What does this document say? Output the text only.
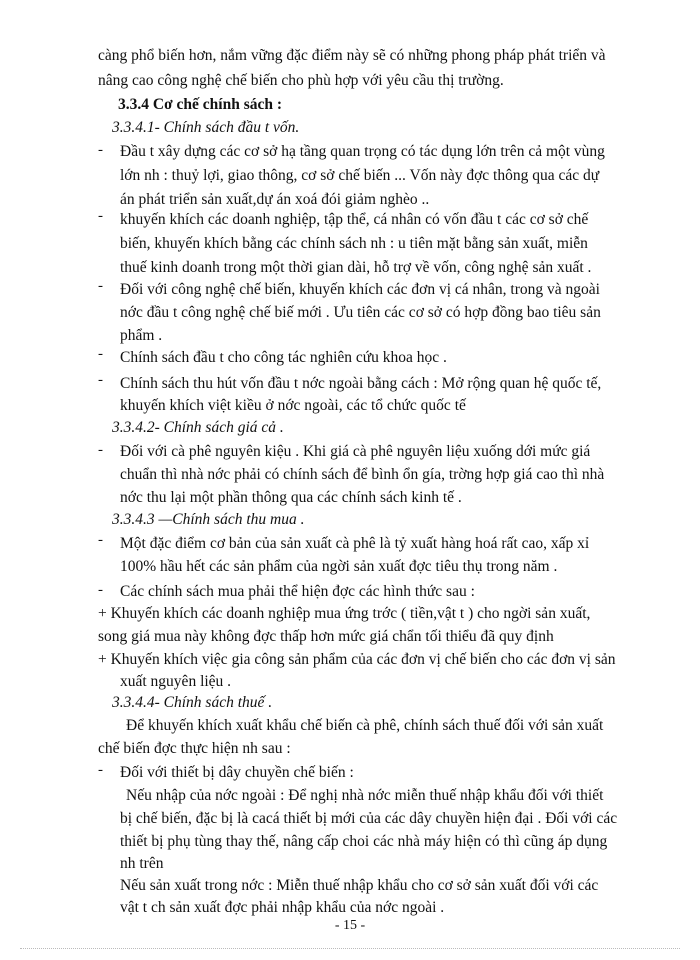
càng phổ biến hơn, nắm vững đặc điểm này sẽ có những phong pháp phát triển và
nâng cao công nghệ chế biến cho phù hợp với yêu cầu thị trường.
3.3.4 Cơ chế chính sách :
3.3.4.1- Chính sách đầu t vốn.
- Đầu t xây dựng các cơ sở hạ tầng quan trọng có tác dụng lớn trên cả một vùng
lớn nh : thuỷ lợi, giao thông, cơ sở chế biến ... Vốn này đợc thông qua các dự
án phát triển sản xuất,dự án xoá đói giảm nghèo ..
- khuyến khích các doanh nghiệp, tập thể, cá nhân có vốn đầu t các cơ sở chế
biến, khuyến khích bằng các chính sách nh : u tiên mặt bằng sản xuất, miễn
thuế kinh doanh trong một thời gian dài, hỗ trợ về vốn, công nghệ sản xuất .
- Đối với công nghệ chế biến, khuyến khích các đơn vị cá nhân, trong và ngoài
nớc đầu t công nghệ chế biế mới . Ưu tiên các cơ sở có hợp đồng bao tiêu sản
phẩm .
- Chính sách đầu t cho công tác nghiên cứu khoa học .
- Chính sách thu hút vốn đầu t nớc ngoài bằng cách : Mở rộng quan hệ quốc tế,
khuyến khích việt kiều ở nớc ngoài, các tổ chức quốc tế
3.3.4.2- Chính sách giá cả .
- Đối với cà phê nguyên kiệu . Khi giá cà phê nguyên liệu xuống dới mức giá
chuẩn thì nhà nớc phải có chính sách để bình ổn gía, trờng hợp giá cao thì nhà
nớc thu lại một phần thông qua các chính sách kinh tế .
3.3.4.3 —Chính sách thu mua .
- Một đặc điểm cơ bản của sản xuất cà phê là tỷ xuất hàng hoá rất cao, xấp xỉ
100% hầu hết các sản phẩm của ngời sản xuất đợc tiêu thụ trong năm .
- Các chính sách mua phải thể hiện đợc các hình thức sau :
+ Khuyến khích các doanh nghiệp mua ứng trớc ( tiền,vật t ) cho ngời sản xuất,
song giá mua này không đợc thấp hơn mức giá chẩn tối thiểu đã quy định
+ Khuyến khích việc gia công sản phẩm của các đơn vị chế biến cho các đơn vị sản
xuất nguyên liệu .
3.3.4.4- Chính sách thuế .
Để khuyến khích xuất khẩu chế biến cà phê, chính sách thuế đối với sản xuất
chế biến đợc thực hiện nh sau :
- Đối với thiết bị dây chuyền chế biến :
Nếu nhập của nớc ngoài : Để nghị nhà nớc miễn thuế nhập khẩu đối với thiết
bị chế biến, đặc bị là cacá thiết bị mới của các dây chuyền hiện đại . Đối với các
thiết bị phụ tùng thay thế, nâng cấp choi các nhà máy hiện có thì cũng áp dụng
nh trên
Nếu sản xuất trong nớc : Miễn thuế nhập khẩu cho cơ sở sản xuất đối với các
vật t ch sản xuất đợc phải nhập khẩu của nớc ngoài .
- 15 -
